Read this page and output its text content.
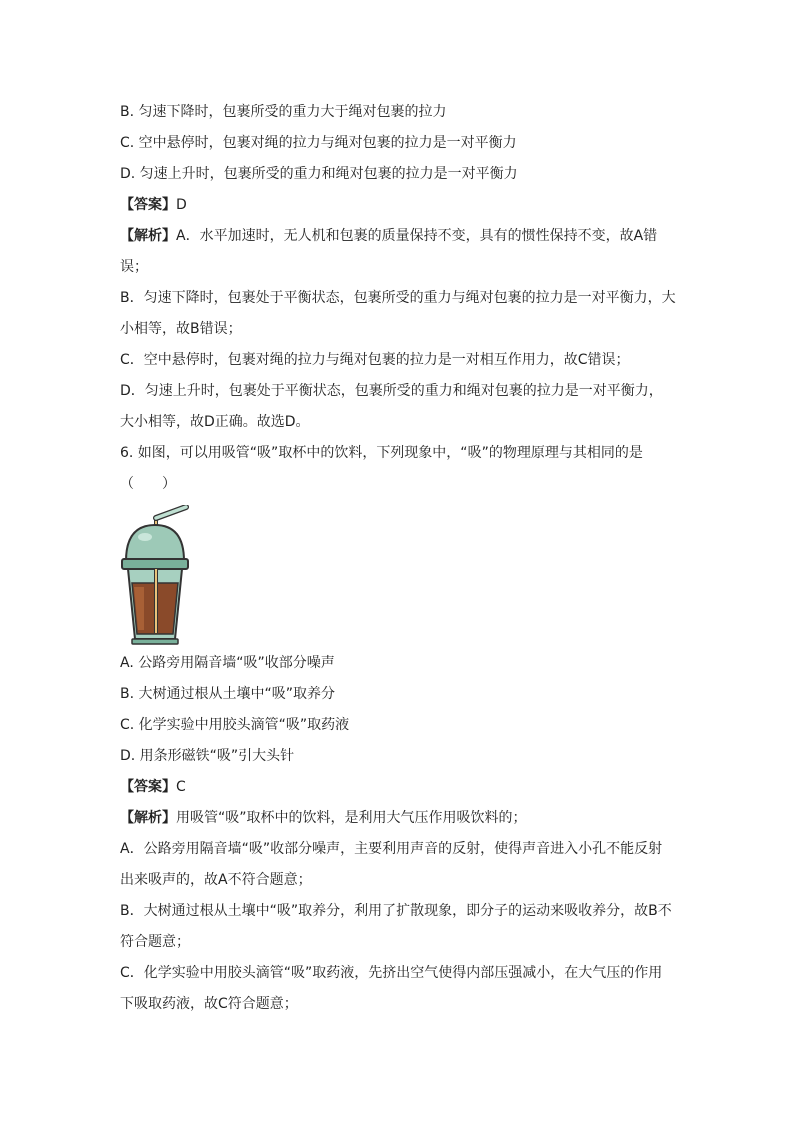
B. 匀速下降时，包裹所受的重力大于绳对包裹的拉力
C. 空中悬停时，包裹对绳的拉力与绳对包裹的拉力是一对平衡力
D. 匀速上升时，包裹所受的重力和绳对包裹的拉力是一对平衡力
【答案】D
【解析】A．水平加速时，无人机和包裹的质量保持不变，具有的惯性保持不变，故A错误；
B．匀速下降时，包裹处于平衡状态，包裹所受的重力与绳对包裹的拉力是一对平衡力，大小相等，故B错误；
C．空中悬停时，包裹对绳的拉力与绳对包裹的拉力是一对相互作用力，故C错误；
D．匀速上升时，包裹处于平衡状态，包裹所受的重力和绳对包裹的拉力是一对平衡力，大小相等，故D正确。故选D。
6. 如图，可以用吸管“吸”取杯中的饮料，下列现象中，“吸”的物理原理与其相同的是（　　）
A. 公路旁用隔音墙“吸”收部分噪声
B. 大树通过根从土壤中“吸”取养分
C. 化学实验中用胶头滴管“吸”取药液
D. 用条形磁铁“吸”引大头针
【答案】C
【解析】用吸管“吸”取杯中的饮料，是利用大气压作用吸饮料的；
A．公路旁用隔音墙“吸”收部分噪声，主要利用声音的反射，使得声音进入小孔不能反射出来吸声的，故A不符合题意；
B．大树通过根从土壤中“吸”取养分，利用了扩散现象，即分子的运动来吸收养分，故B不符合题意；
C．化学实验中用胶头滴管“吸”取药液，先挤出空气使得内部压强减小，在大气压的作用下吸取药液，故C符合题意；
